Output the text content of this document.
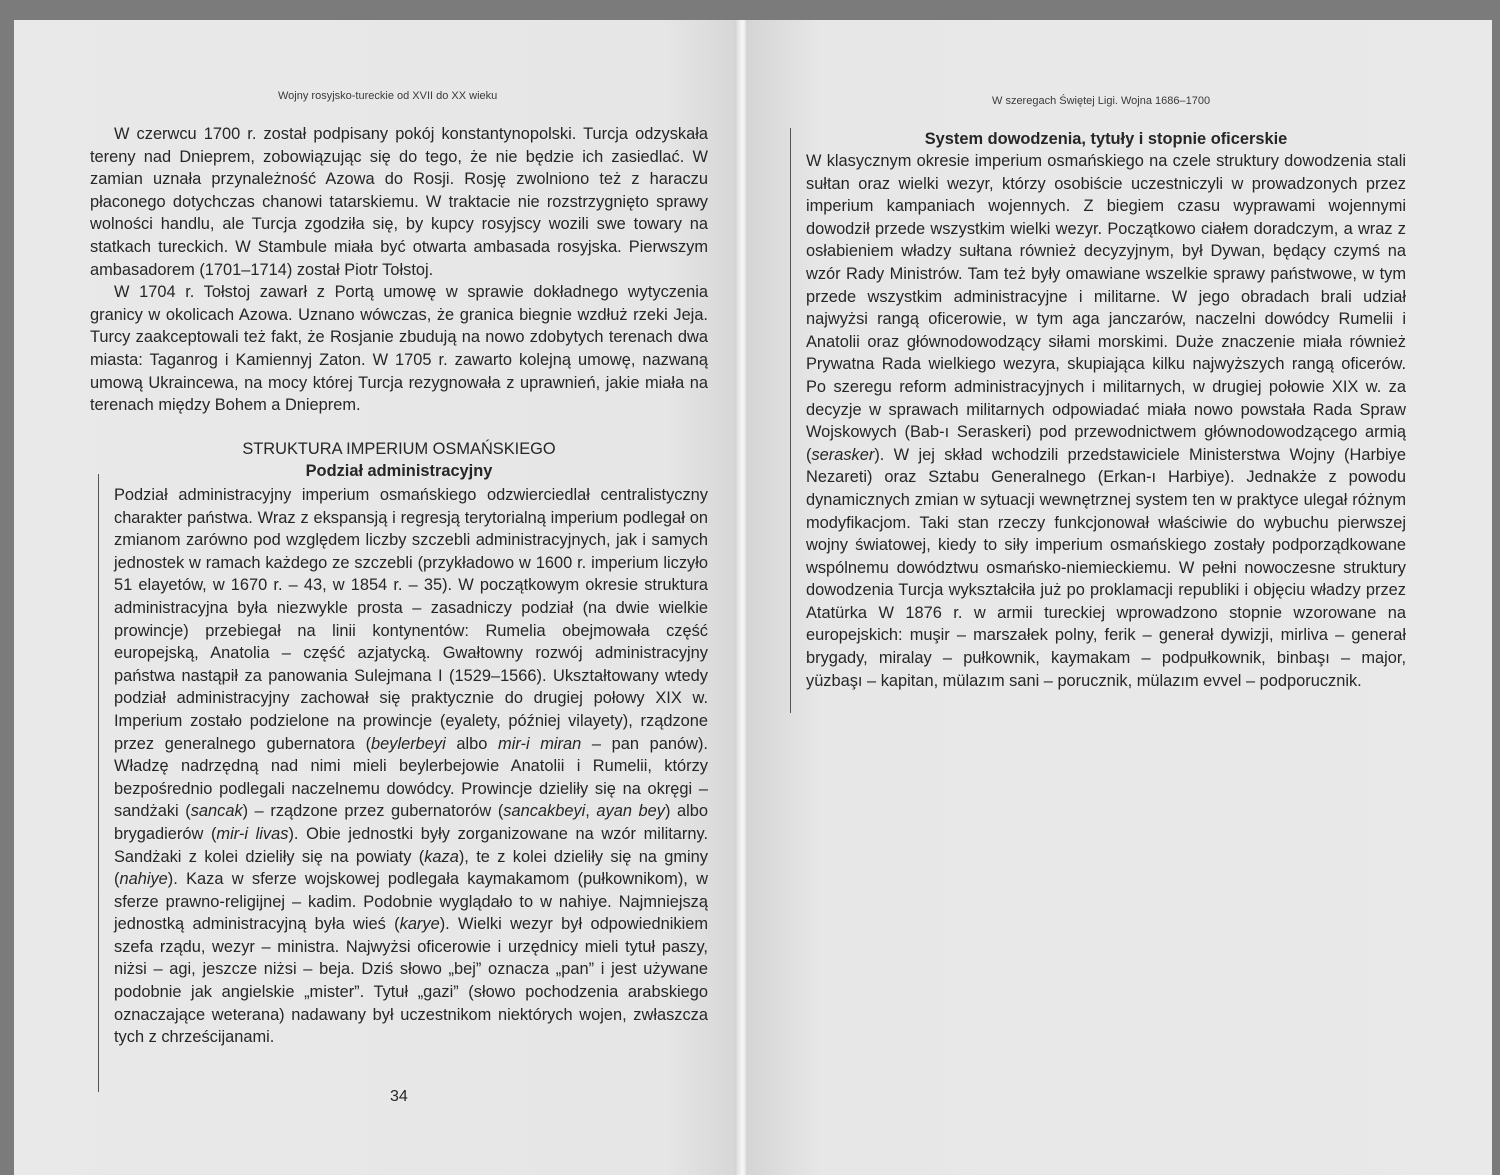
Wojny rosyjsko-tureckie od XVII do XX wieku

W czerwcu 1700 r. został podpisany pokój konstantynopolski. Turcja odzyskała tereny nad Dnieprem, zobowiązując się do tego, że nie będzie ich zasiedlać. W zamian uznała przynależność Azowa do Rosji. Rosję zwolniono też z haraczu płaconego dotychczas chanowi tatarskiemu. W traktacie nie rozstrzygnięto sprawy wolności handlu, ale Turcja zgodziła się, by kupcy rosyjscy wozili swe towary na statkach tureckich. W Stambule miała być otwarta ambasada rosyjska. Pierwszym ambasadorem (1701–1714) został Piotr Tołstoj.

W 1704 r. Tołstoj zawarł z Portą umowę w sprawie dokładnego wytyczenia granicy w okolicach Azowa. Uznano wówczas, że granica biegnie wzdłuż rzeki Jeja. Turcy zaakceptowali też fakt, że Rosjanie zbudują na nowo zdobytych terenach dwa miasta: Taganrog i Kamiennyj Zaton. W 1705 r. zawarto kolejną umowę, nazwaną umową Ukraincewa, na mocy której Turcja rezygnowała z uprawnień, jakie miała na terenach między Bohem a Dnieprem.

STRUKTURA IMPERIUM OSMAŃSKIEGO
Podział administracyjny

Podział administracyjny imperium osmańskiego odzwierciedlał centralistyczny charakter państwa. Wraz z ekspansją i regresją terytorialną imperium podlegał on zmianom zarówno pod względem liczby szczebli administracyjnych, jak i samych jednostek w ramach każdego ze szczebli (przykładowo w 1600 r. imperium liczyło 51 elayetów, w 1670 r. – 43, w 1854 r. – 35). W początkowym okresie struktura administracyjna była niezwykle prosta – zasadniczy podział (na dwie wielkie prowincje) przebiegał na linii kontynentów: Rumelia obejmowała część europejską, Anatolia – część azjatycką. Gwałtowny rozwój administracyjny państwa nastąpił za panowania Sulejmana I (1529–1566). Ukształtowany wtedy podział administracyjny zachował się praktycznie do drugiej połowy XIX w. Imperium zostało podzielone na prowincje (eyalety, później vilayety), rządzone przez generalnego gubernatora (beylerbeyi albo mir-i miran – pan panów). Władzę nadrzędną nad nimi mieli beylerbejowie Anatolii i Rumelii, którzy bezpośrednio podlegali naczelnemu dowódcy. Prowincje dzieliły się na okręgi – sandżaki (sancak) – rządzone przez gubernatorów (sancakbeyi, ayan bey) albo brygadierów (mir-i livas). Obie jednostki były zorganizowane na wzór militarny. Sandżaki z kolei dzieliły się na powiaty (kaza), te z kolei dzieliły się na gminy (nahiye). Kaza w sferze wojskowej podlegała kaymakamom (pułkownikom), w sferze prawno-religijnej – kadim. Podobnie wyglądało to w nahiye. Najmniejszą jednostką administracyjną była wieś (karye). Wielki wezyr był odpowiednikiem szefa rządu, wezyr – ministra. Najwyżsi oficerowie i urzędnicy mieli tytuł paszy, niżsi – agi, jeszcze niżsi – beja. Dziś słowo „bej” oznacza „pan” i jest używane podobnie jak angielskie „mister”. Tytuł „gazi” (słowo pochodzenia arabskiego oznaczające weterana) nadawany był uczestnikom niektórych wojen, zwłaszcza tych z chrześcijanami.

34
W szeregach Świętej Ligi. Wojna 1686–1700
System dowodzenia, tytuły i stopnie oficerskie

W klasycznym okresie imperium osmańskiego na czele struktury dowodzenia stali sułtan oraz wielki wezyr, którzy osobiście uczestniczyli w prowadzonych przez imperium kampaniach wojennych. Z biegiem czasu wyprawami wojennymi dowodził przede wszystkim wielki wezyr. Początkowo ciałem doradczym, a wraz z osłabieniem władzy sułtana również decyzyjnym, był Dywan, będący czymś na wzór Rady Ministrów. Tam też były omawiane wszelkie sprawy państwowe, w tym przede wszystkim administracyjne i militarne. W jego obradach brali udział najwyżsi rangą oficerowie, w tym aga janczarów, naczelni dowódcy Rumelii i Anatolii oraz głównodowodzący siłami morskimi. Duże znaczenie miała również Prywatna Rada wielkiego wezyra, skupiająca kilku najwyższych rangą oficerów. Po szeregu reform administracyjnych i militarnych, w drugiej połowie XIX w. za decyzje w sprawach militarnych odpowiadać miała nowo powstała Rada Spraw Wojskowych (Bab-ı Seraskeri) pod przewodnictwem głównodowodzącego armią (serasker). W jej skład wchodzili przedstawiciele Ministerstwa Wojny (Harbiye Nezareti) oraz Sztabu Generalnego (Erkan-ı Harbiye). Jednakże z powodu dynamicznych zmian w sytuacji wewnętrznej system ten w praktyce ulegał różnym modyfikacjom. Taki stan rzeczy funkcjonował właściwie do wybuchu pierwszej wojny światowej, kiedy to siły imperium osmańskiego zostały podporządkowane wspólnemu dowództwu osmańsko-niemieckiemu. W pełni nowoczesne struktury dowodzenia Turcja wykształciła już po proklamacji republiki i objęciu władzy przez Atatürka W 1876 r. w armii tureckiej wprowadzono stopnie wzorowane na europejskich: muşir – marszałek polny, ferik – generał dywizji, mirliva – generał brygady, miralay – pułkownik, kaymakam – podpułkownik, binbaşı – major, yüzbaşı – kapitan, mülazım sani – porucznik, mülazım evvel – podporucznik.
